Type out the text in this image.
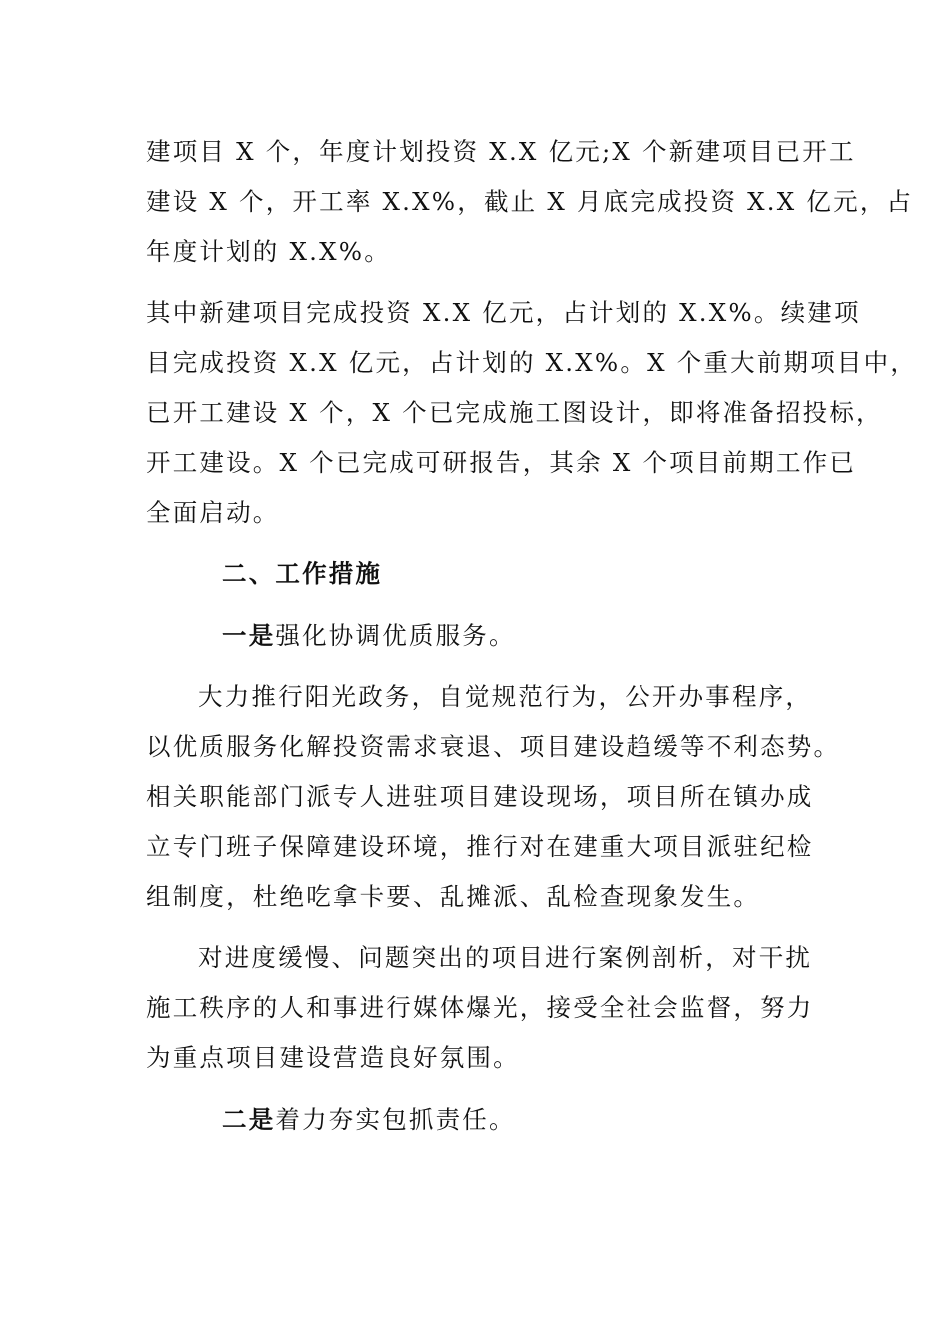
建项目 X 个，年度计划投资 X.X 亿元;X 个新建项目已开工
建设 X 个，开工率 X.X%，截止 X 月底完成投资 X.X 亿元，占
年度计划的 X.X%。
其中新建项目完成投资 X.X 亿元，占计划的 X.X%。续建项
目完成投资 X.X 亿元，占计划的 X.X%。X 个重大前期项目中，
已开工建设 X 个，X 个已完成施工图设计，即将准备招投标，
开工建设。X 个已完成可研报告，其余 X 个项目前期工作已
全面启动。
二、工作措施
一是强化协调优质服务。
大力推行阳光政务，自觉规范行为，公开办事程序，
以优质服务化解投资需求衰退、项目建设趋缓等不利态势。
相关职能部门派专人进驻项目建设现场，项目所在镇办成
立专门班子保障建设环境，推行对在建重大项目派驻纪检
组制度，杜绝吃拿卡要、乱摊派、乱检查现象发生。
对进度缓慢、问题突出的项目进行案例剖析，对干扰
施工秩序的人和事进行媒体爆光，接受全社会监督，努力
为重点项目建设营造良好氛围。
二是着力夯实包抓责任。
